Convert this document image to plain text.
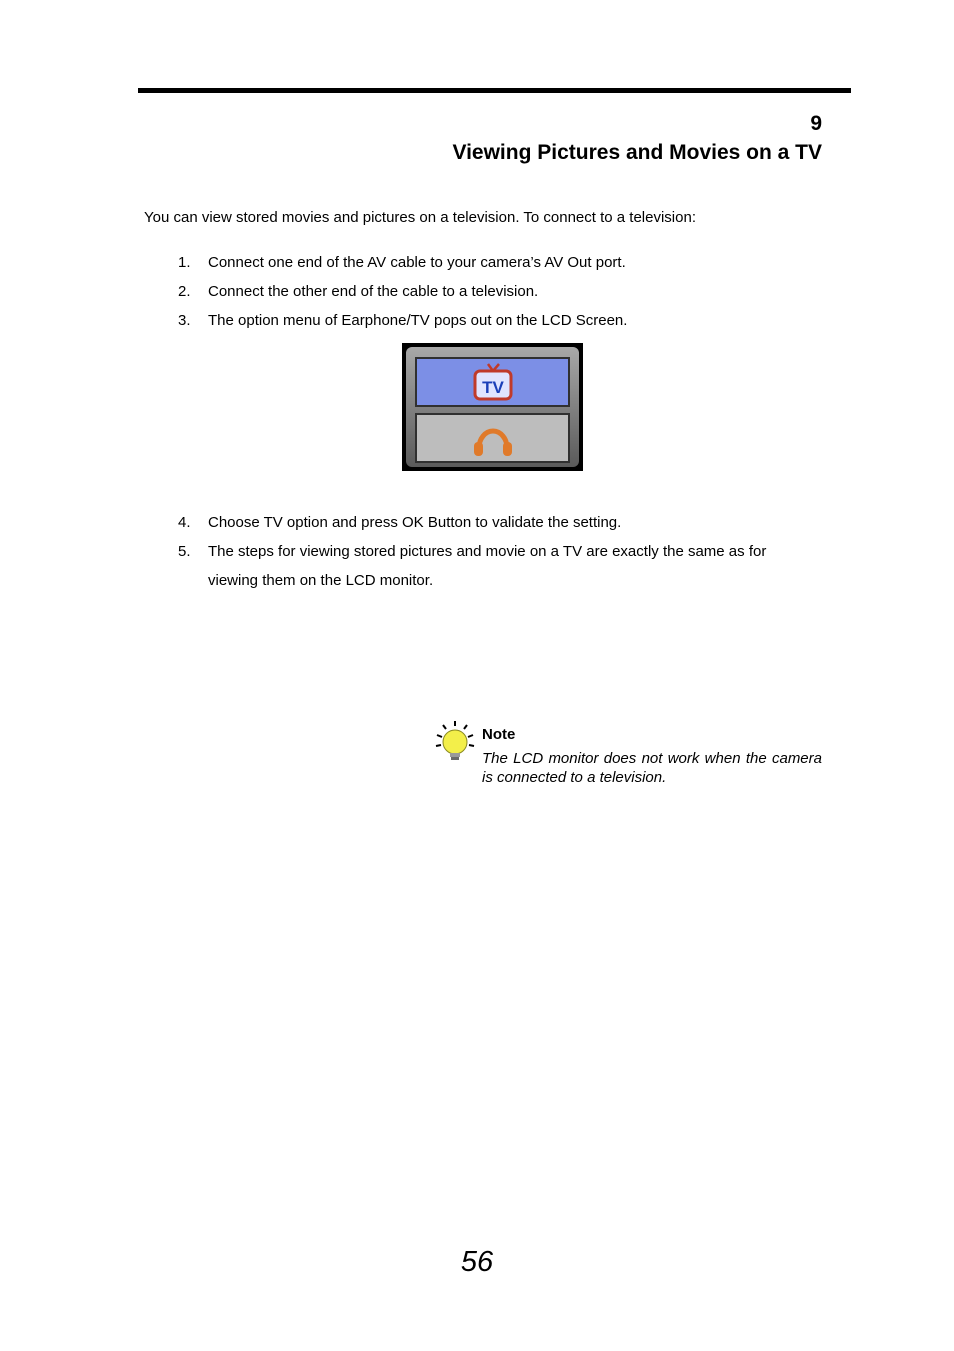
9
Viewing Pictures and Movies on a TV
You can view stored movies and pictures on a television. To connect to a television:
1. Connect one end of the AV cable to your camera’s AV Out port.
2. Connect the other end of the cable to a television.
3. The option menu of Earphone/TV pops out on the LCD Screen.
TV
4. Choose TV option and press OK Button to validate the setting.
5. The steps for viewing stored pictures and movie on a TV are exactly the same as for viewing them on the LCD monitor.
Note
The LCD monitor does not work when the camera is connected to a television.
56
